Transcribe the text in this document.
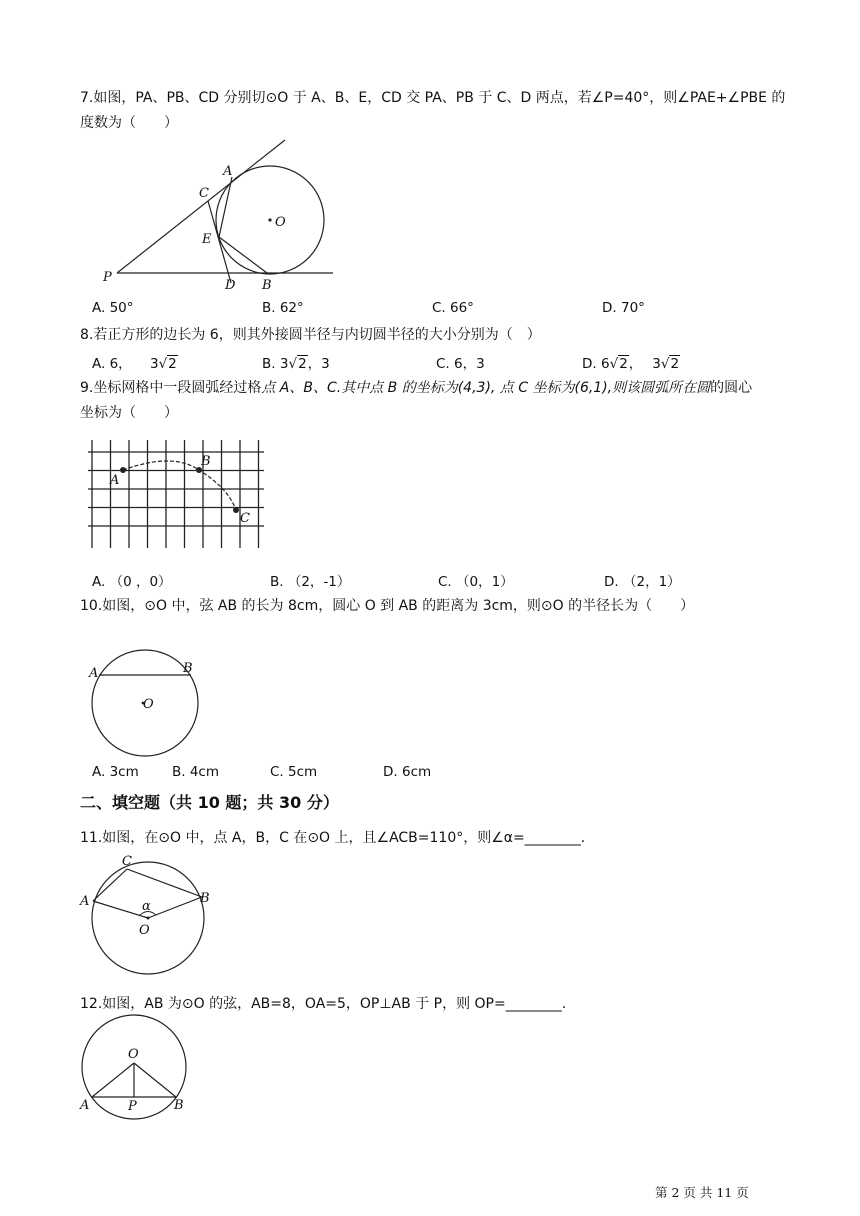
7.如图，PA、PB、CD 分别切⊙O 于 A、B、E，CD 交 PA、PB 于 C、D 两点，若∠P=40°，则∠PAE+∠PBE 的
度数为（　　）
A
C
O
E
P
D B
A. 50°	B. 62°	C. 66°	D. 70°
8.若正方形的边长为 6，则其外接圆半径与内切圆半径的大小分别为（　）
A. 6， 3√2	B. 3√2，3	C. 6，3	D. 6√2， 3√2
9.坐标网格中一段圆弧经过格点 A、B、C.其中点 B 的坐标为(4,3), 点 C 坐标为(6,1),则该圆弧所在圆的圆心
坐标为（　　）
A
B
C
A. （0 ，0）	B. （2，-1）	C. （0，1）	D. （2，1）
10.如图，⊙O 中，弦 AB 的长为 8cm，圆心 O 到 AB 的距离为 3cm，则⊙O 的半径长为（　　）
A	B
O
A. 3cm B. 4cm	C. 5cm	D. 6cm
二、填空题（共 10 题；共 30 分）
11.如图，在⊙O 中，点 A，B，C 在⊙O 上，且∠ACB=110°，则∠α=________.
C
A	B
α
O
12.如图，AB 为⊙O 的弦，AB=8，OA=5，OP⊥AB 于 P，则 OP=________.
O
A	P	B
第 2 页 共 11 页
